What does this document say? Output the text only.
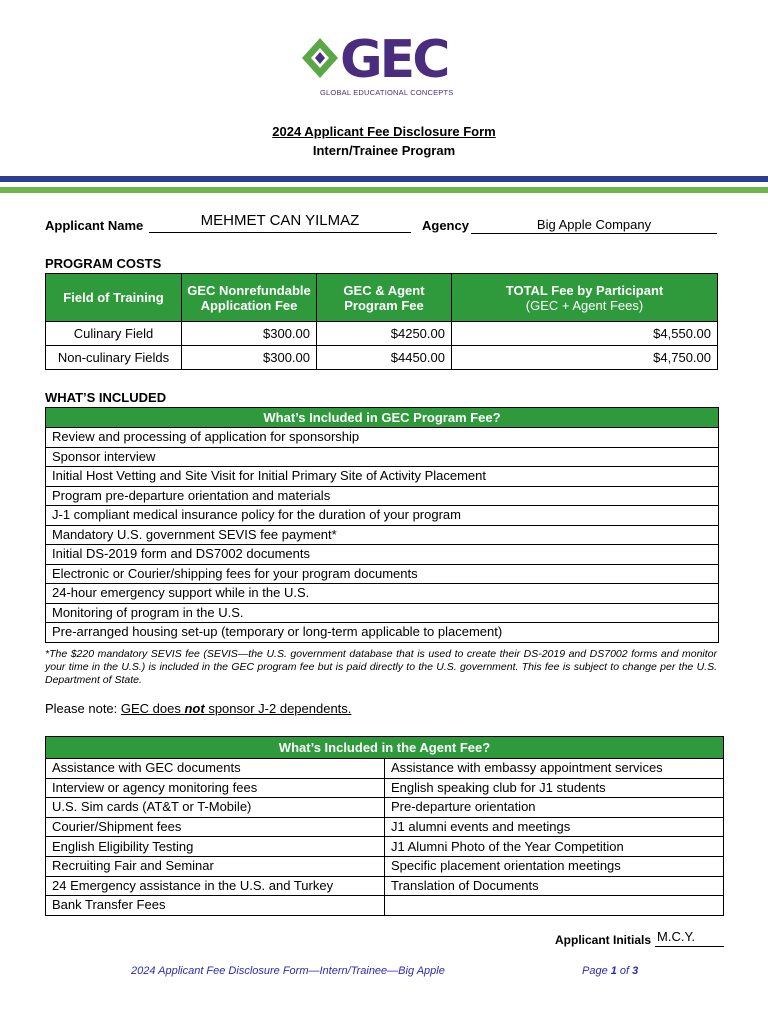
GEC
GLOBAL EDUCATIONAL CONCEPTS
2024 Applicant Fee Disclosure Form
Intern/Trainee Program
Applicant Name	MEHMET CAN YILMAZ	Agency	Big Apple Company
PROGRAM COSTS
Field of Training	GEC Nonrefundable Application Fee	GEC & Agent Program Fee	TOTAL Fee by Participant
(GEC + Agent Fees)
Culinary Field	$300.00	$4250.00	$4,550.00
Non-culinary Fields	$300.00	$4450.00	$4,750.00
WHAT’S INCLUDED
What’s Included in GEC Program Fee?
Review and processing of application for sponsorship
Sponsor interview
Initial Host Vetting and Site Visit for Initial Primary Site of Activity Placement
Program pre-departure orientation and materials
J-1 compliant medical insurance policy for the duration of your program
Mandatory U.S. government SEVIS fee payment*
Initial DS-2019 form and DS7002 documents
Electronic or Courier/shipping fees for your program documents
24-hour emergency support while in the U.S.
Monitoring of program in the U.S.
Pre-arranged housing set-up (temporary or long-term applicable to placement)
*The $220 mandatory SEVIS fee (SEVIS—the U.S. government database that is used to create their DS-2019 and DS7002 forms and monitor your time in the U.S.) is included in the GEC program fee but is paid directly to the U.S. government. This fee is subject to change per the U.S. Department of State.
Please note: GEC does not sponsor J-2 dependents.
What’s Included in the Agent Fee?	
Assistance with GEC documents	Assistance with embassy appointment services
Interview or agency monitoring fees	English speaking club for J1 students
U.S. Sim cards (AT&T or T-Mobile)	Pre-departure orientation
Courier/Shipment fees	J1 alumni events and meetings
English Eligibility Testing	J1 Alumni Photo of the Year Competition
Recruiting Fair and Seminar	Specific placement orientation meetings
24 Emergency assistance in the U.S. and Turkey	Translation of Documents
Bank Transfer Fees	
Applicant Initials M.C.Y.
2024 Applicant Fee Disclosure Form—Intern/Trainee—Big Apple	Page 1 of 3
